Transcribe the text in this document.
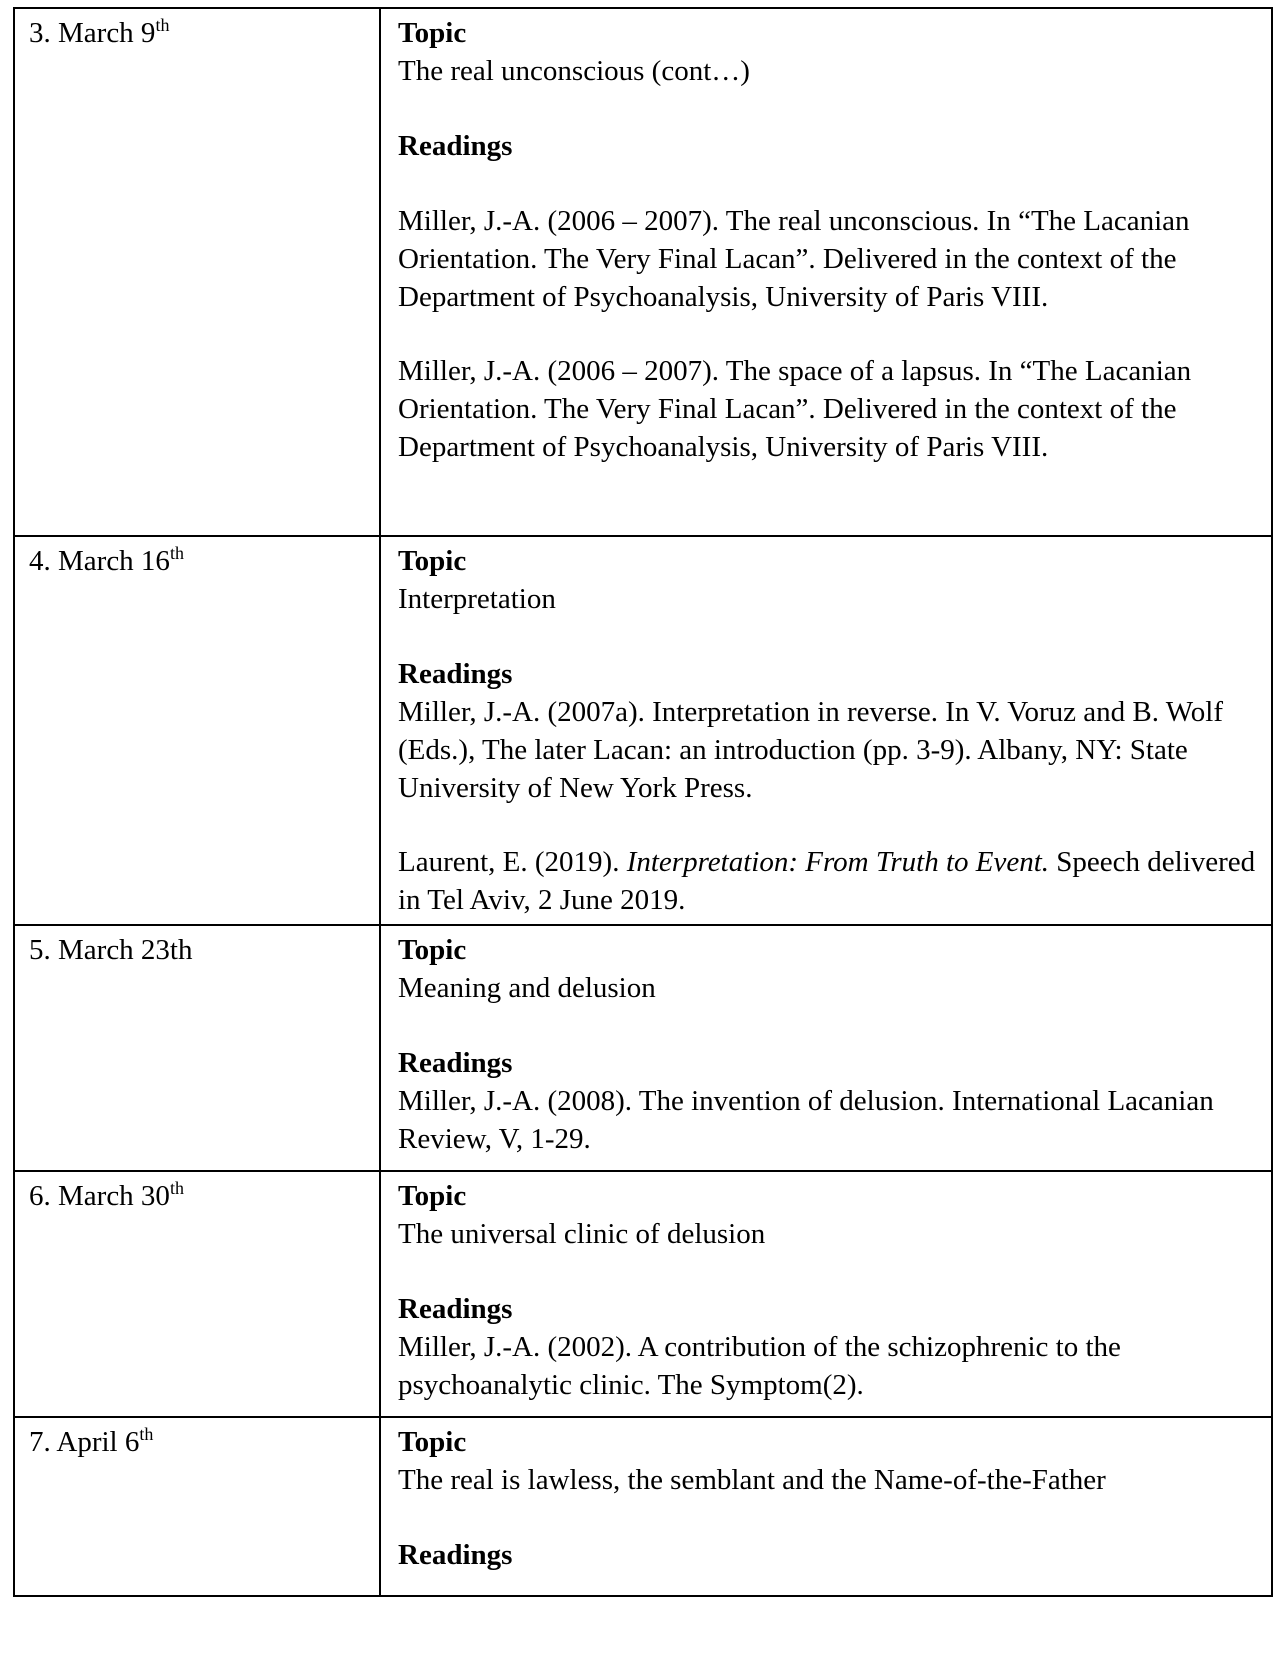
3. March 9th	Topic
The real unconscious (cont…)
Readings

Miller, J.-A. (2006 – 2007). The real unconscious. In “The Lacanian Orientation. The Very Final Lacan”. Delivered in the context of the Department of Psychoanalysis, University of Paris VIII.

Miller, J.-A. (2006 – 2007). The space of a lapsus. In “The Lacanian Orientation. The Very Final Lacan”. Delivered in the context of the Department of Psychoanalysis, University of Paris VIII.

4. March 16th	Topic
Interpretation
Readings

Miller, J.-A. (2007a). Interpretation in reverse. In V. Voruz and B. Wolf (Eds.), The later Lacan: an introduction (pp. 3-9). Albany, NY: State University of New York Press.

Laurent, E. (2019). Interpretation: From Truth to Event. Speech delivered in Tel Aviv, 2 June 2019.

5. March 23th	Topic
Meaning and delusion
Readings

Miller, J.-A. (2008). The invention of delusion. International Lacanian Review, V, 1-29.

6. March 30th	Topic
The universal clinic of delusion
Readings

Miller, J.-A. (2002). A contribution of the schizophrenic to the psychoanalytic clinic. The Symptom(2).

7. April 6th	Topic
The real is lawless, the semblant and the Name-of-the-Father
Readings
